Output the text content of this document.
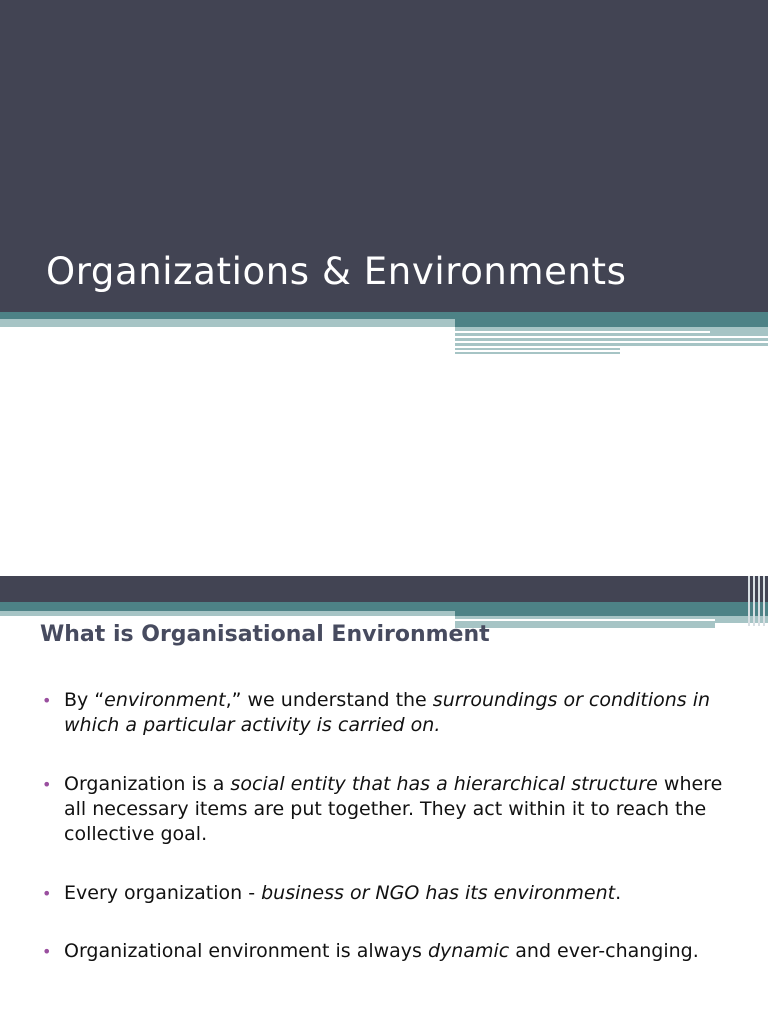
Organizations & Environments
What is Organisational Environment
• By “environment,” we understand the surroundings or conditions in which a particular activity is carried on.
• Organization is a social entity that has a hierarchical structure where all necessary items are put together. They act within it to reach the collective goal.
• Every organization - business or NGO has its environment.
• Organizational environment is always dynamic and ever-changing.
